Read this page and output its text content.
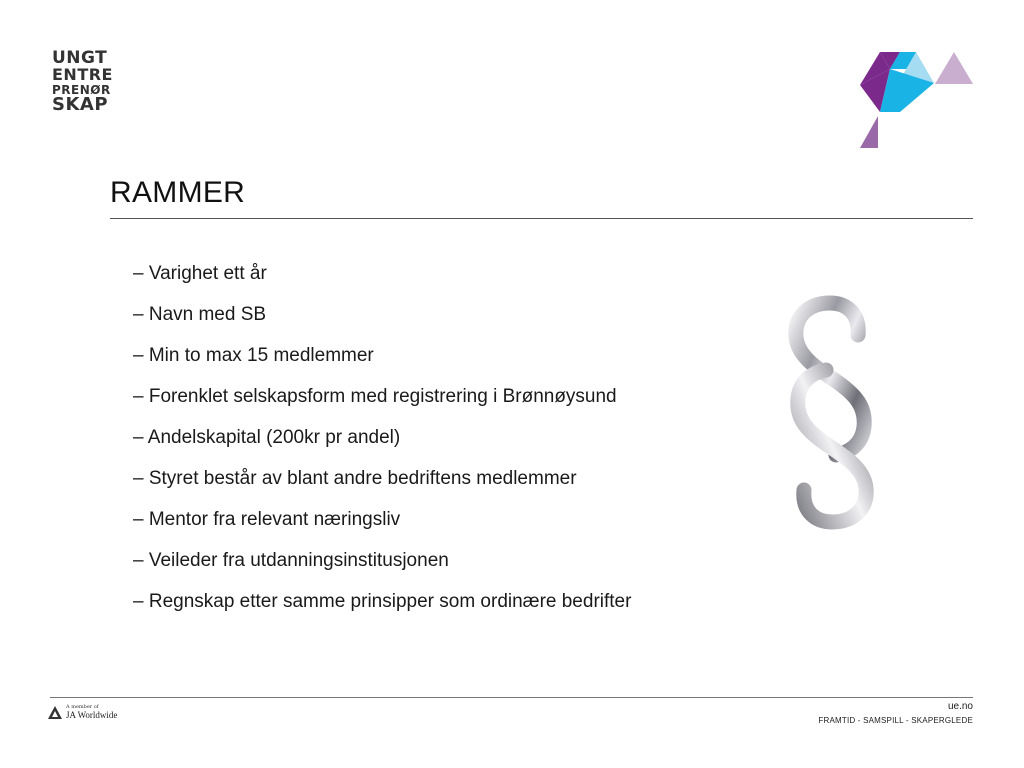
UNGT
ENTRE
PRENØR
SKAP
RAMMER
– Varighet ett år
– Navn med SB
– Min to max 15 medlemmer
– Forenklet selskapsform med registrering i Brønnøysund
– Andelskapital (200kr pr andel)
– Styret består av blant andre bedriftens medlemmer
– Mentor fra relevant næringsliv
– Veileder fra utdanningsinstitusjonen
– Regnskap etter samme prinsipper som ordinære bedrifter
A member of
JA Worldwide
ue.no
FRAMTID - SAMSPILL - SKAPERGLEDE
